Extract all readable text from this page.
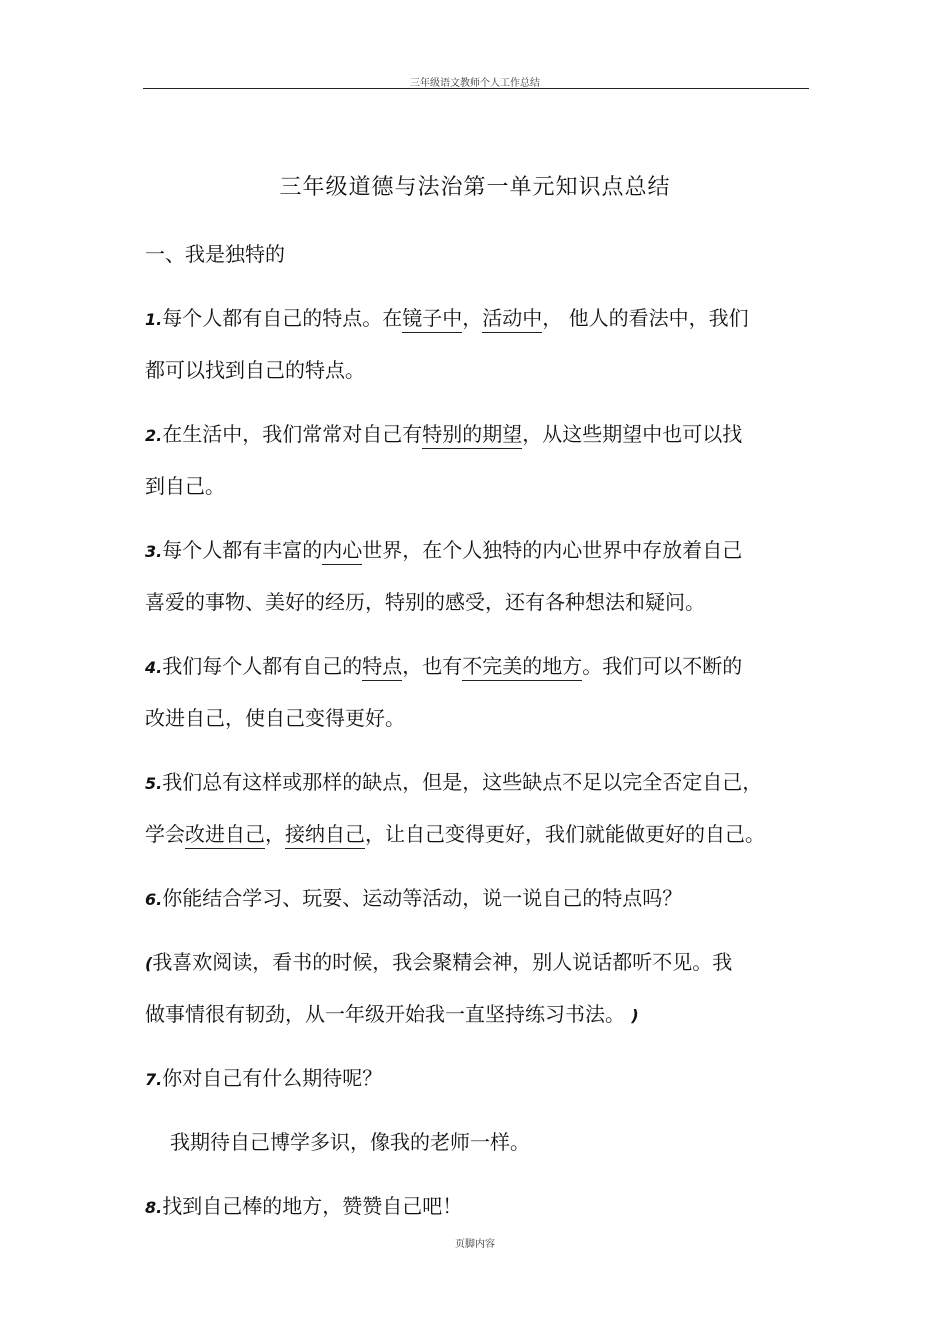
三年级语文教师个人工作总结
三年级道德与法治第一单元知识点总结
一、我是独特的
1.每个人都有自己的特点。在镜子中，活动中， 他人的看法中，我们
都可以找到自己的特点。
2.在生活中，我们常常对自己有特别的期望，从这些期望中也可以找
到自己。
3.每个人都有丰富的内心世界，在个人独特的内心世界中存放着自己
喜爱的事物、美好的经历，特别的感受，还有各种想法和疑问。
4.我们每个人都有自己的特点，也有不完美的地方。我们可以不断的
改进自己，使自己变得更好。
5.我们总有这样或那样的缺点，但是，这些缺点不足以完全否定自己，
学会改进自己，接纳自己，让自己变得更好，我们就能做更好的自己。
6.你能结合学习、玩耍、运动等活动，说一说自己的特点吗？
(我喜欢阅读，看书的时候，我会聚精会神，别人说话都听不见。我
做事情很有韧劲，从一年级开始我一直坚持练习书法。 )
7.你对自己有什么期待呢？
我期待自己博学多识，像我的老师一样。
8.找到自己棒的地方，赞赞自己吧！
页脚内容
